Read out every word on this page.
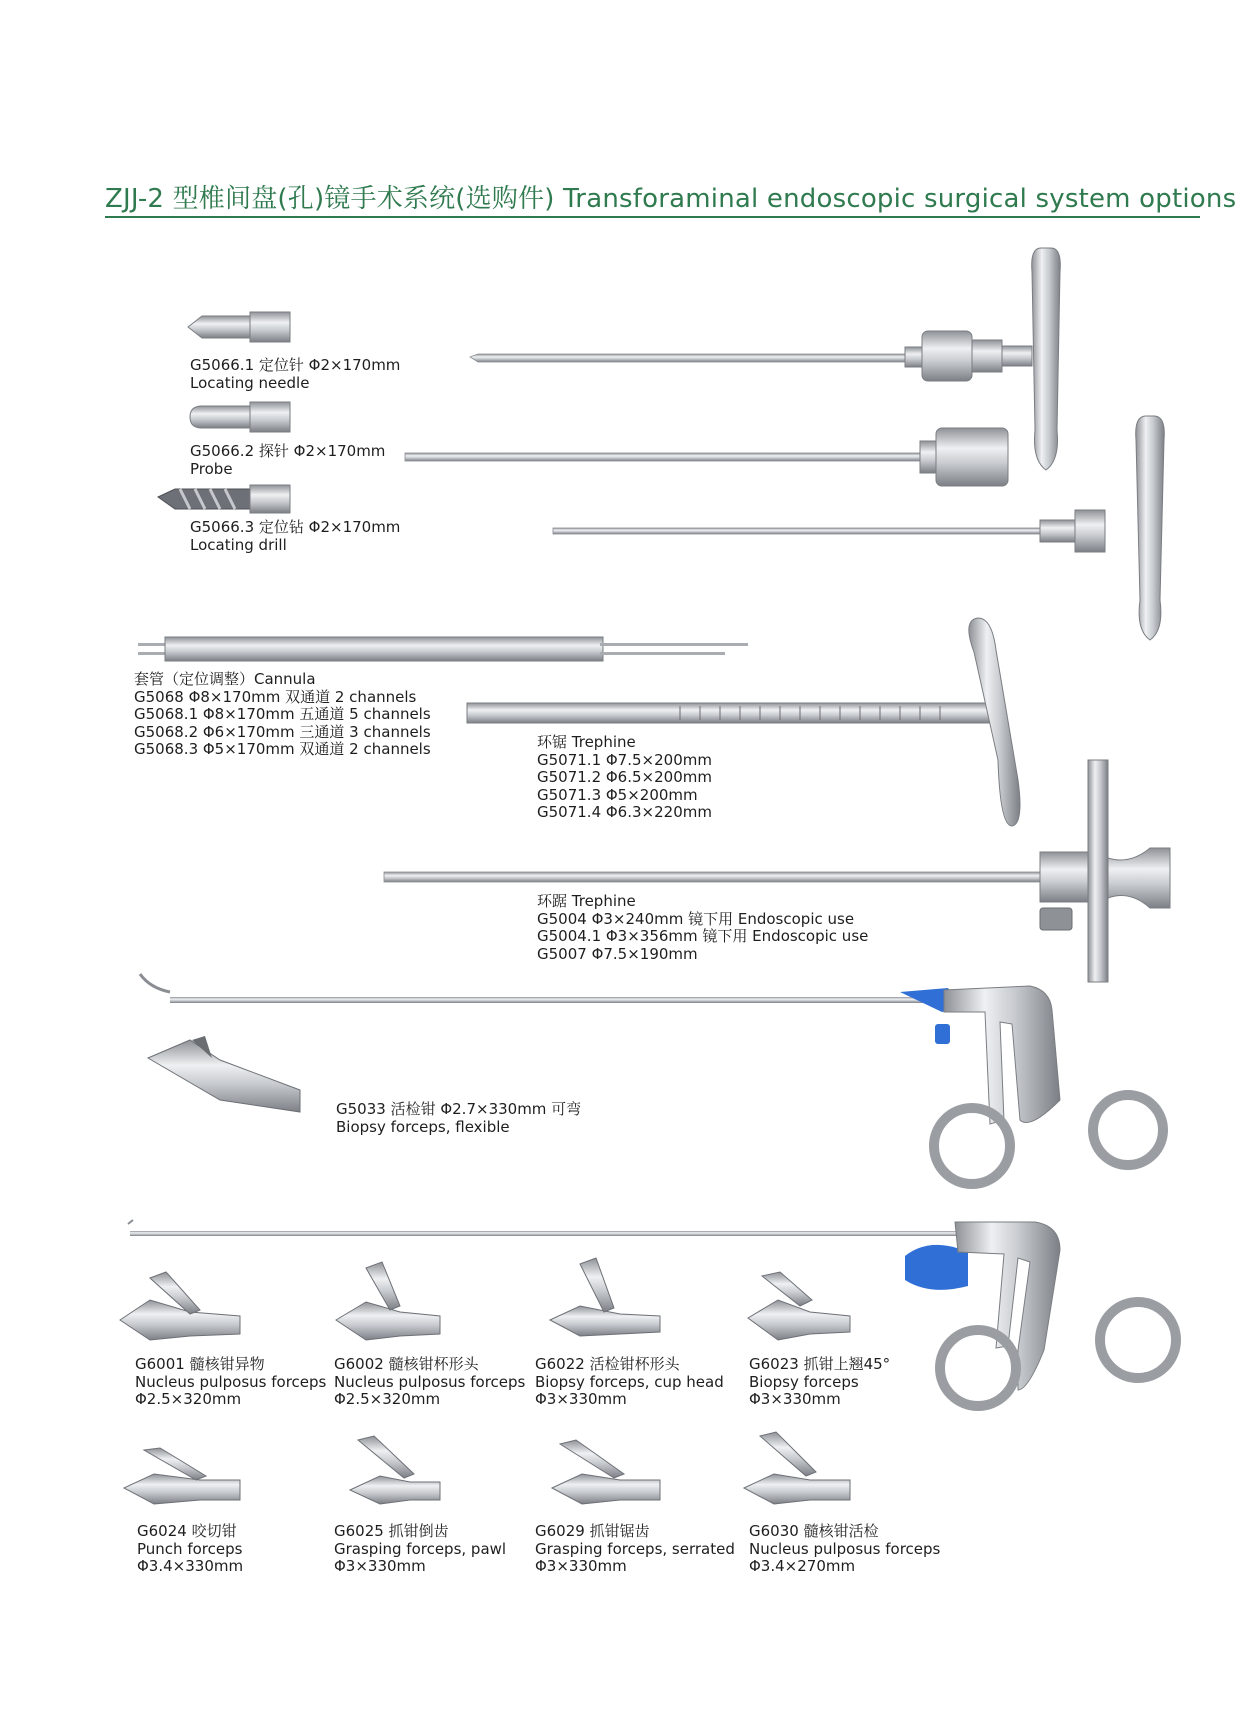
ZJJ-2 型椎间盘(孔)镜手术系统(选购件) Transforaminal endoscopic surgical system options
G5066.1 定位针 Φ2×170mm
Locating needle
G5066.2 探针 Φ2×170mm
Probe
G5066.3 定位钻 Φ2×170mm
Locating drill
套管（定位调整）Cannula
G5068 Φ8×170mm 双通道 2 channels
G5068.1 Φ8×170mm 五通道 5 channels
G5068.2 Φ6×170mm 三通道 3 channels
G5068.3 Φ5×170mm 双通道 2 channels	环锯 Trephine
G5071.1 Φ7.5×200mm
G5071.2 Φ6.5×200mm
G5071.3 Φ5×200mm
G5071.4 Φ6.3×220mm
环踞 Trephine
G5004 Φ3×240mm 镜下用 Endoscopic use
G5004.1 Φ3×356mm 镜下用 Endoscopic use
G5007 Φ7.5×190mm
G5033 活检钳 Φ2.7×330mm 可弯
Biopsy forceps, flexible
G6001 髓核钳异物
Nucleus pulposus forceps
Φ2.5×320mm
G6002 髓核钳杯形头
Nucleus pulposus forceps
Φ2.5×320mm
G6022 活检钳杯形头
Biopsy forceps, cup head
Φ3×330mm
G6023 抓钳上翘45°
Biopsy forceps
Φ3×330mm
G6024 咬切钳
Punch forceps
Φ3.4×330mm
G6025 抓钳倒齿
Grasping forceps, pawl
Φ3×330mm
G6029 抓钳锯齿
Grasping forceps, serrated
Φ3×330mm
G6030 髓核钳活检
Nucleus pulposus forceps
Φ3.4×270mm
